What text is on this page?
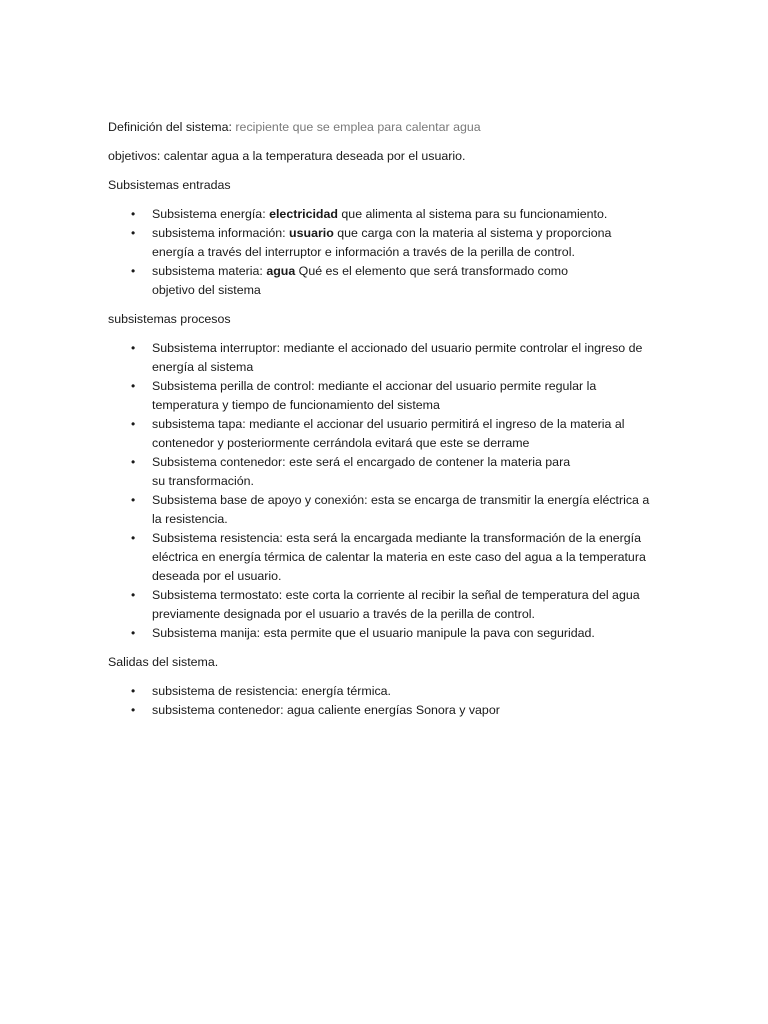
Definición del sistema: recipiente que se emplea para calentar agua

objetivos: calentar agua a la temperatura deseada por el usuario.

Subsistemas entradas

• Subsistema energía: electricidad que alimenta al sistema para su funcionamiento.
• subsistema información: usuario que carga con la materia al sistema y proporciona
energía a través del interruptor e información a través de la perilla de control.
• subsistema materia: agua Qué es el elemento que será transformado como
objetivo del sistema

subsistemas procesos

• Subsistema interruptor: mediante el accionado del usuario permite controlar el ingreso de
energía al sistema
• Subsistema perilla de control: mediante el accionar del usuario permite regular la
temperatura y tiempo de funcionamiento del sistema
• subsistema tapa: mediante el accionar del usuario permitirá el ingreso de la materia al
contenedor y posteriormente cerrándola evitará que este se derrame
• Subsistema contenedor: este será el encargado de contener la materia para
su transformación.
• Subsistema base de apoyo y conexión: esta se encarga de transmitir la energía eléctrica a
la resistencia.
• Subsistema resistencia: esta será la encargada mediante la transformación de la energía
eléctrica en energía térmica de calentar la materia en este caso del agua a la temperatura
deseada por el usuario.
• Subsistema termostato: este corta la corriente al recibir la señal de temperatura del agua
previamente designada por el usuario a través de la perilla de control.
• Subsistema manija: esta permite que el usuario manipule la pava con seguridad.

Salidas del sistema.

• subsistema de resistencia: energía térmica.
• subsistema contenedor: agua caliente energías Sonora y vapor
